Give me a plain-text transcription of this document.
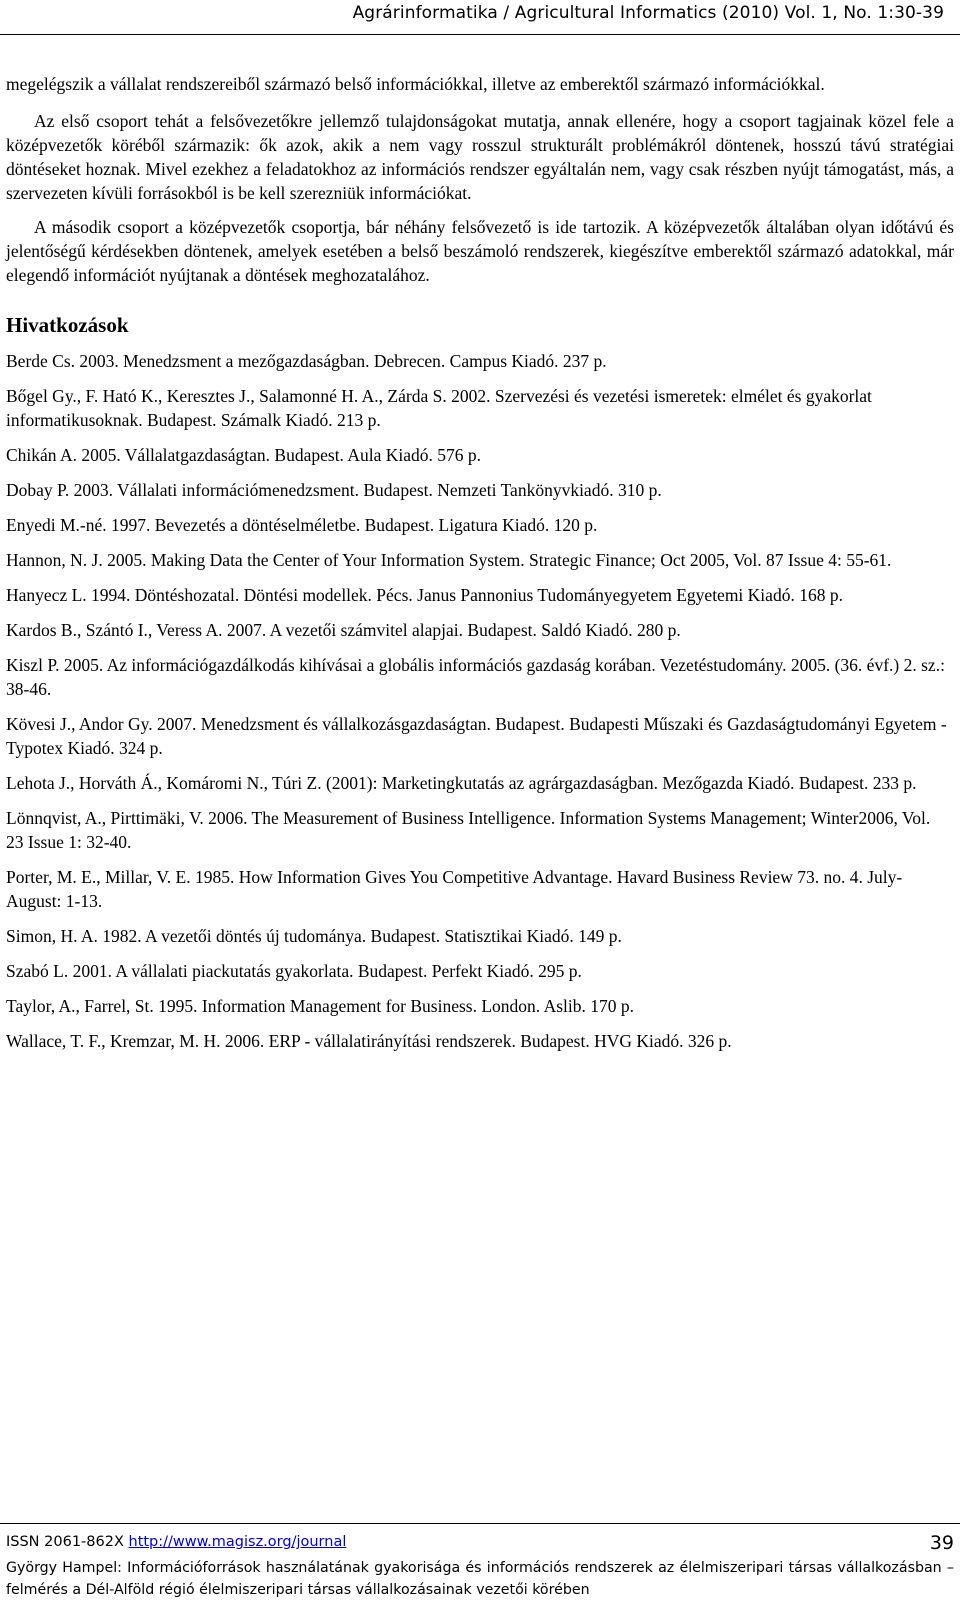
Agrárinformatika / Agricultural Informatics (2010) Vol. 1, No. 1:30-39

megelégszik a vállalat rendszereiből származó belső információkkal, illetve az emberektől származó információkkal.

Az első csoport tehát a felsővezetőkre jellemző tulajdonságokat mutatja, annak ellenére, hogy a csoport tagjainak közel fele a középvezetők köréből származik: ők azok, akik a nem vagy rosszul strukturált problémákról döntenek, hosszú távú stratégiai döntéseket hoznak. Mivel ezekhez a feladatokhoz az információs rendszer egyáltalán nem, vagy csak részben nyújt támogatást, más, a szervezeten kívüli forrásokból is be kell szerezniük információkat.

A második csoport a középvezetők csoportja, bár néhány felsővezető is ide tartozik. A középvezetők általában olyan időtávú és jelentőségű kérdésekben döntenek, amelyek esetében a belső beszámoló rendszerek, kiegészítve emberektől származó adatokkal, már elegendő információt nyújtanak a döntések meghozatalához.

Hivatkozások
Berde Cs. 2003. Menedzsment a mezőgazdaságban. Debrecen. Campus Kiadó. 237 p.
Bőgel Gy., F. Ható K., Keresztes J., Salamonné H. A., Zárda S. 2002. Szervezési és vezetési ismeretek: elmélet és gyakorlat informatikusoknak. Budapest. Számalk Kiadó. 213 p.
Chikán A. 2005. Vállalatgazdaságtan. Budapest. Aula Kiadó. 576 p.
Dobay P. 2003. Vállalati információmenedzsment. Budapest. Nemzeti Tankönyvkiadó. 310 p.
Enyedi M.-né. 1997. Bevezetés a döntéselméletbe. Budapest. Ligatura Kiadó. 120 p.
Hannon, N. J. 2005. Making Data the Center of Your Information System. Strategic Finance; Oct 2005, Vol. 87 Issue 4: 55-61.
Hanyecz L. 1994. Döntéshozatal. Döntési modellek. Pécs. Janus Pannonius Tudományegyetem Egyetemi Kiadó. 168 p.
Kardos B., Szántó I., Veress A. 2007. A vezetői számvitel alapjai. Budapest. Saldó Kiadó. 280 p.
Kiszl P. 2005. Az információgazdálkodás kihívásai a globális információs gazdaság korában. Vezetéstudomány. 2005. (36. évf.) 2. sz.: 38-46.
Kövesi J., Andor Gy. 2007. Menedzsment és vállalkozásgazdaságtan. Budapest. Budapesti Műszaki és Gazdaságtudományi Egyetem - Typotex Kiadó. 324 p.
Lehota J., Horváth Á., Komáromi N., Túri Z. (2001): Marketingkutatás az agrárgazdaságban. Mezőgazda Kiadó. Budapest. 233 p.
Lönnqvist, A., Pirttimäki, V. 2006. The Measurement of Business Intelligence. Information Systems Management; Winter2006, Vol. 23 Issue 1: 32-40.
Porter, M. E., Millar, V. E. 1985. How Information Gives You Competitive Advantage. Havard Business Review 73. no. 4. July-August: 1-13.
Simon, H. A. 1982. A vezetői döntés új tudománya. Budapest. Statisztikai Kiadó. 149 p.
Szabó L. 2001. A vállalati piackutatás gyakorlata. Budapest. Perfekt Kiadó. 295 p.
Taylor, A., Farrel, St. 1995. Information Management for Business. London. Aslib. 170 p.
Wallace, T. F., Kremzar, M. H. 2006. ERP - vállalatirányítási rendszerek. Budapest. HVG Kiadó. 326 p.
ISSN 2061-862X http://www.magisz.org/journal	39
György Hampel: Információforrások használatának gyakorisága és információs rendszerek az élelmiszeripari társas vállalkozásban – felmérés a Dél-Alföld régió élelmiszeripari társas vállalkozásainak vezetői körében
